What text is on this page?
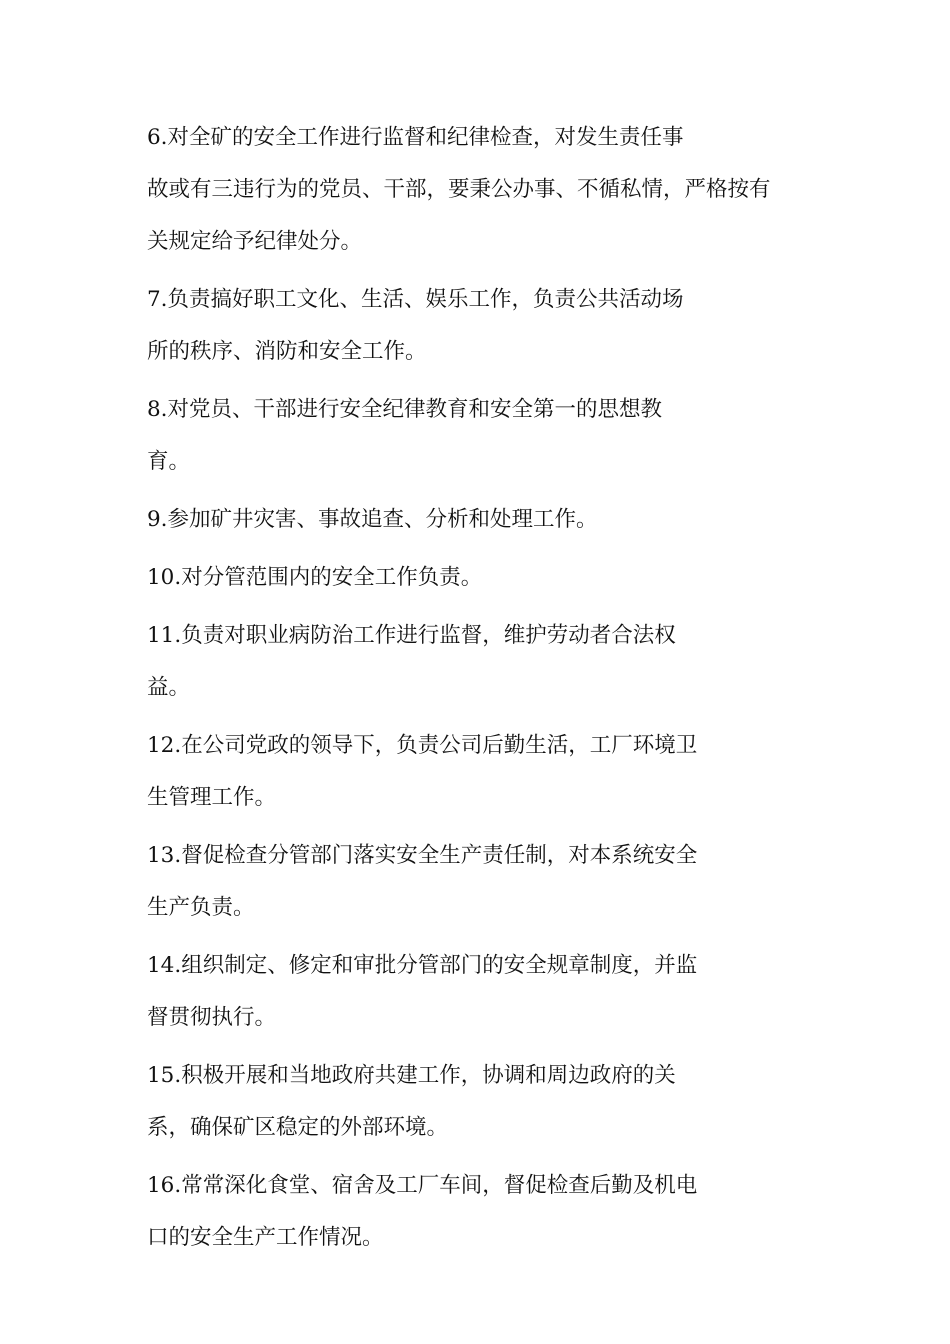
6.对全矿的安全工作进行监督和纪律检查，对发生责任事
故或有三违行为的党员、干部，要秉公办事、不循私情，严格按有
关规定给予纪律处分。

7.负责搞好职工文化、生活、娱乐工作，负责公共活动场
所的秩序、消防和安全工作。

8.对党员、干部进行安全纪律教育和安全第一的思想教
育。

9.参加矿井灾害、事故追查、分析和处理工作。

10.对分管范围内的安全工作负责。

11.负责对职业病防治工作进行监督，维护劳动者合法权
益。

12.在公司党政的领导下，负责公司后勤生活，工厂环境卫
生管理工作。

13.督促检查分管部门落实安全生产责任制，对本系统安全
生产负责。

14.组织制定、修定和审批分管部门的安全规章制度，并监
督贯彻执行。

15.积极开展和当地政府共建工作，协调和周边政府的关
系，确保矿区稳定的外部环境。

16.常常深化食堂、宿舍及工厂车间，督促检查后勤及机电
口的安全生产工作情况。
